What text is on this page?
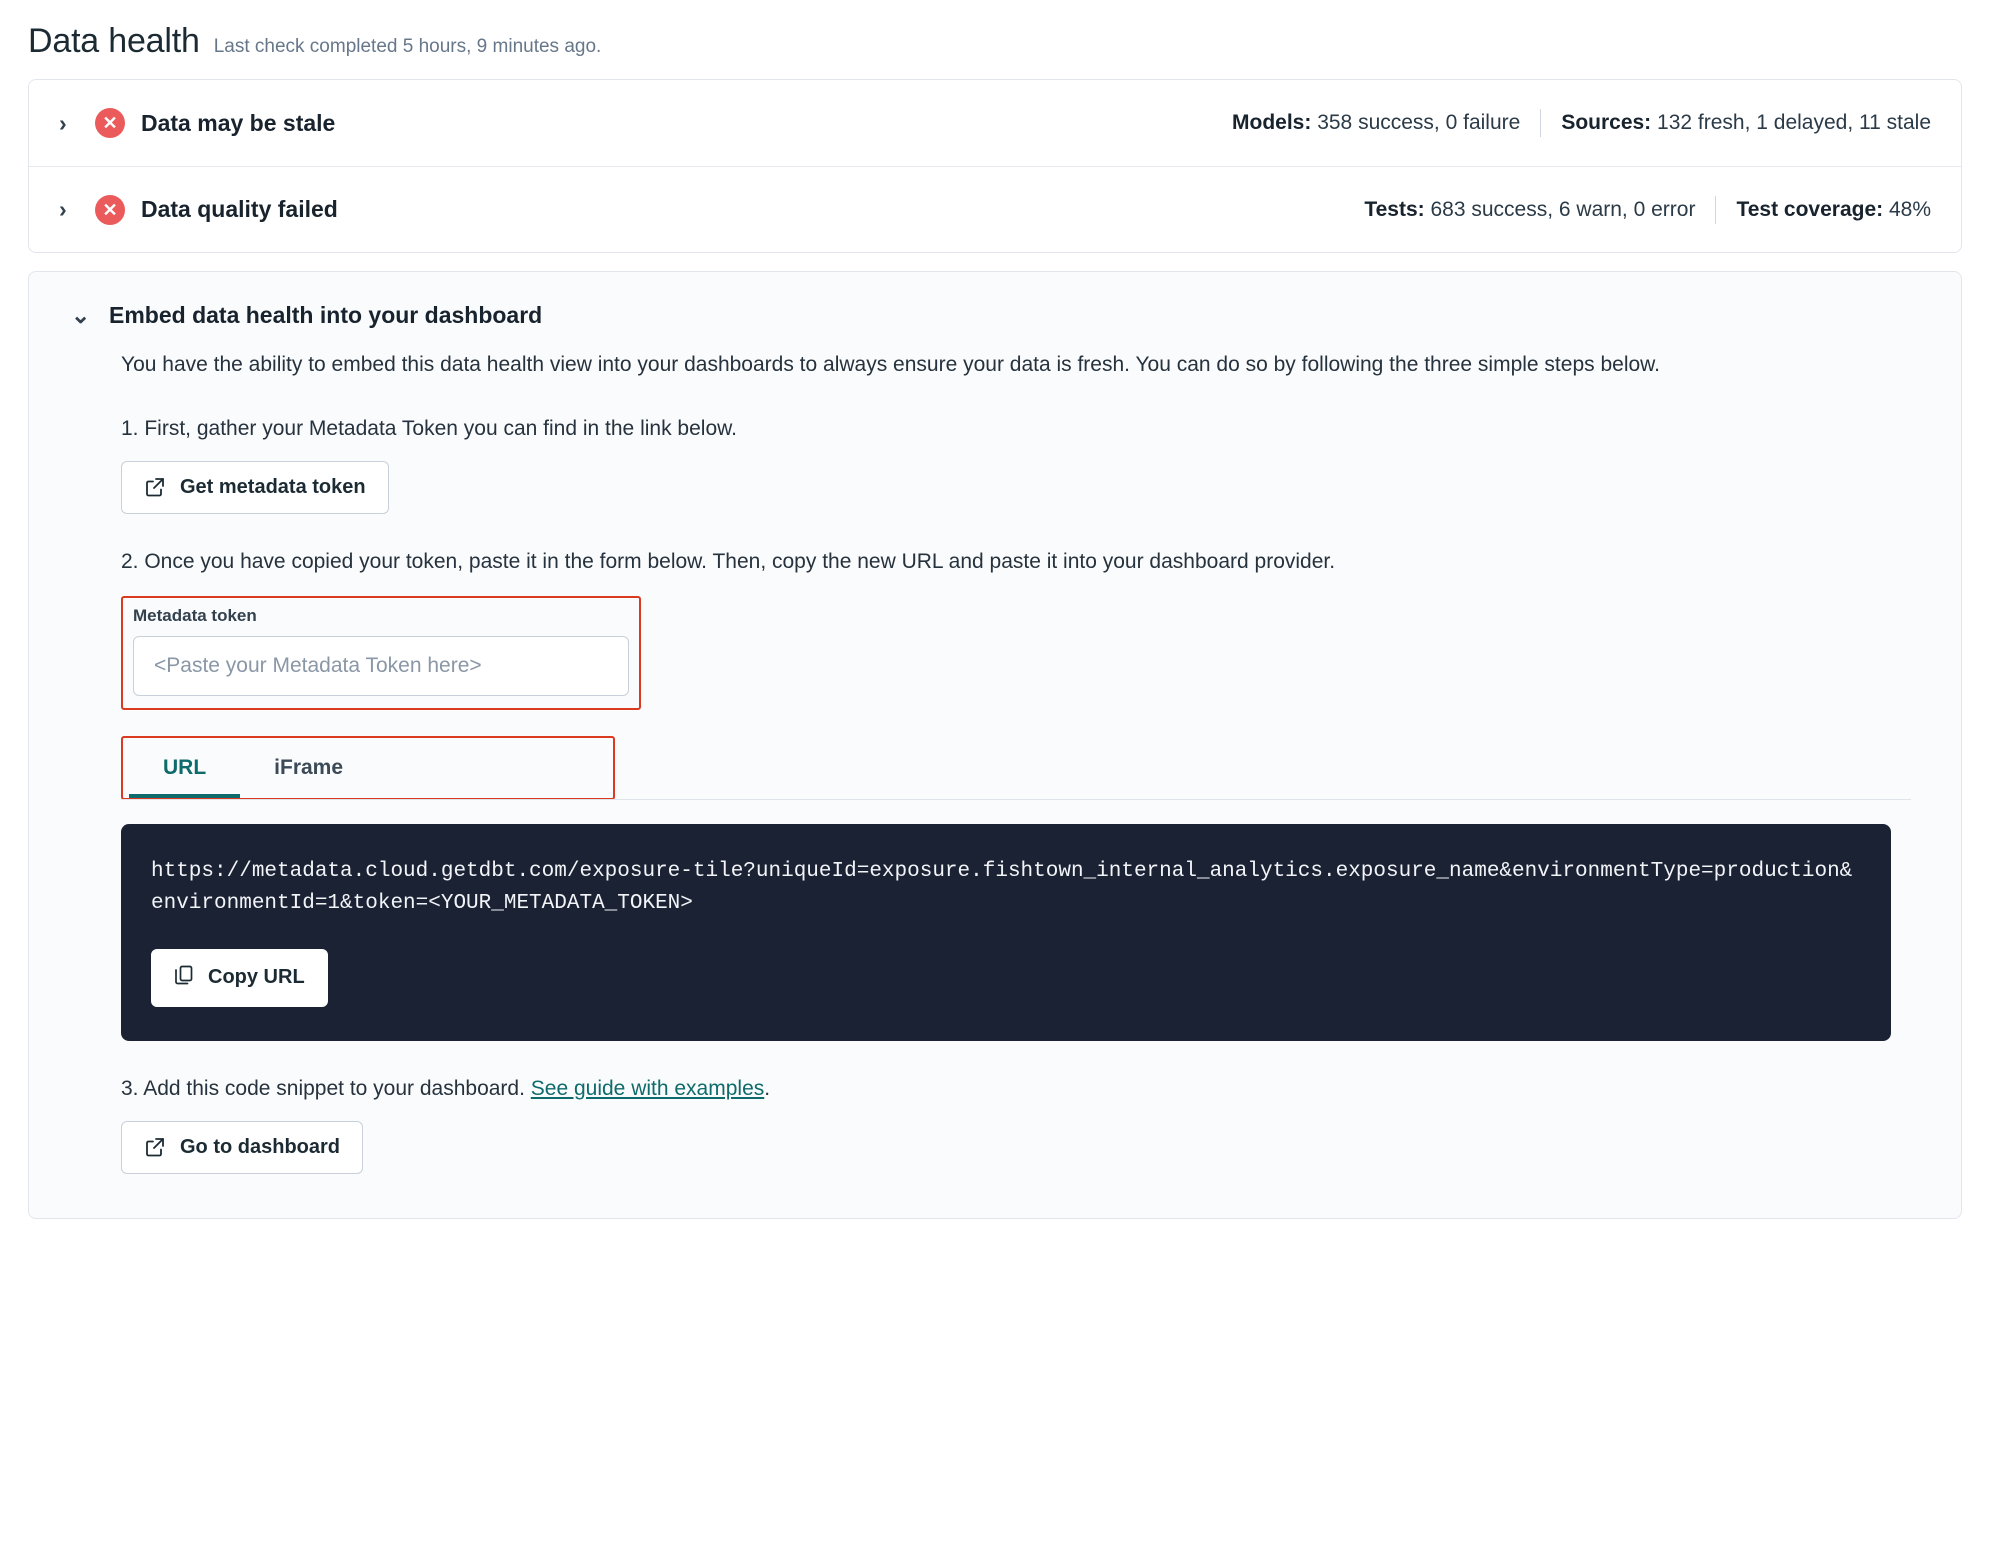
Data health Last check completed 5 hours, 9 minutes ago.
›	✕	Data may be stale	Models: 358 success, 0 failure Sources: 132 fresh, 1 delayed, 11 stale
›	✕	Data quality failed	Tests: 683 success, 6 warn, 0 error Test coverage: 48%
⌄ Embed data health into your dashboard
You have the ability to embed this data health view into your dashboards to always ensure your data is fresh. You can do so by following the three simple steps below.
1. First, gather your Metadata Token you can find in the link below.
Get metadata token
2. Once you have copied your token, paste it in the form below. Then, copy the new URL and paste it into your dashboard provider.
Metadata token
<Paste your Metadata Token here>
URL	iFrame
https://metadata.cloud.getdbt.com/exposure-tile?uniqueId=exposure.fishtown_internal_analytics.exposure_name&environmentType=production&environmentId=1&token=<YOUR_METADATA_TOKEN>
Copy URL
3. Add this code snippet to your dashboard. See guide with examples.
Go to dashboard
